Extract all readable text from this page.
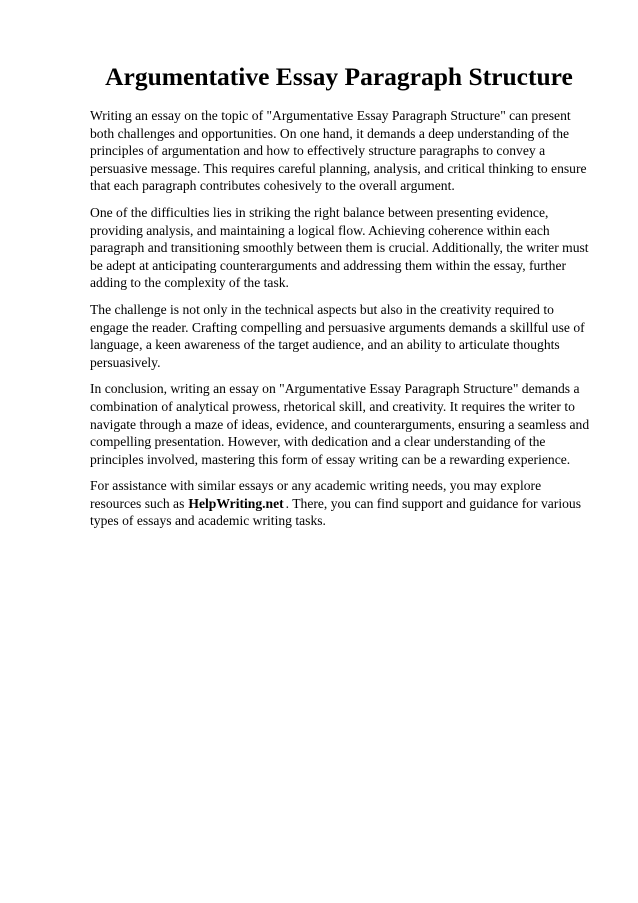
Argumentative Essay Paragraph Structure

Writing an essay on the topic of "Argumentative Essay Paragraph Structure" can present both challenges and opportunities. On one hand, it demands a deep understanding of the principles of argumentation and how to effectively structure paragraphs to convey a persuasive message. This requires careful planning, analysis, and critical thinking to ensure that each paragraph contributes cohesively to the overall argument.

One of the difficulties lies in striking the right balance between presenting evidence, providing analysis, and maintaining a logical flow. Achieving coherence within each paragraph and transitioning smoothly between them is crucial. Additionally, the writer must be adept at anticipating counterarguments and addressing them within the essay, further adding to the complexity of the task.

The challenge is not only in the technical aspects but also in the creativity required to engage the reader. Crafting compelling and persuasive arguments demands a skillful use of language, a keen awareness of the target audience, and an ability to articulate thoughts persuasively.

In conclusion, writing an essay on "Argumentative Essay Paragraph Structure" demands a combination of analytical prowess, rhetorical skill, and creativity. It requires the writer to navigate through a maze of ideas, evidence, and counterarguments, ensuring a seamless and compelling presentation. However, with dedication and a clear understanding of the principles involved, mastering this form of essay writing can be a rewarding experience.

For assistance with similar essays or any academic writing needs, you may explore resources such as HelpWriting.net . There, you can find support and guidance for various types of essays and academic writing tasks.
